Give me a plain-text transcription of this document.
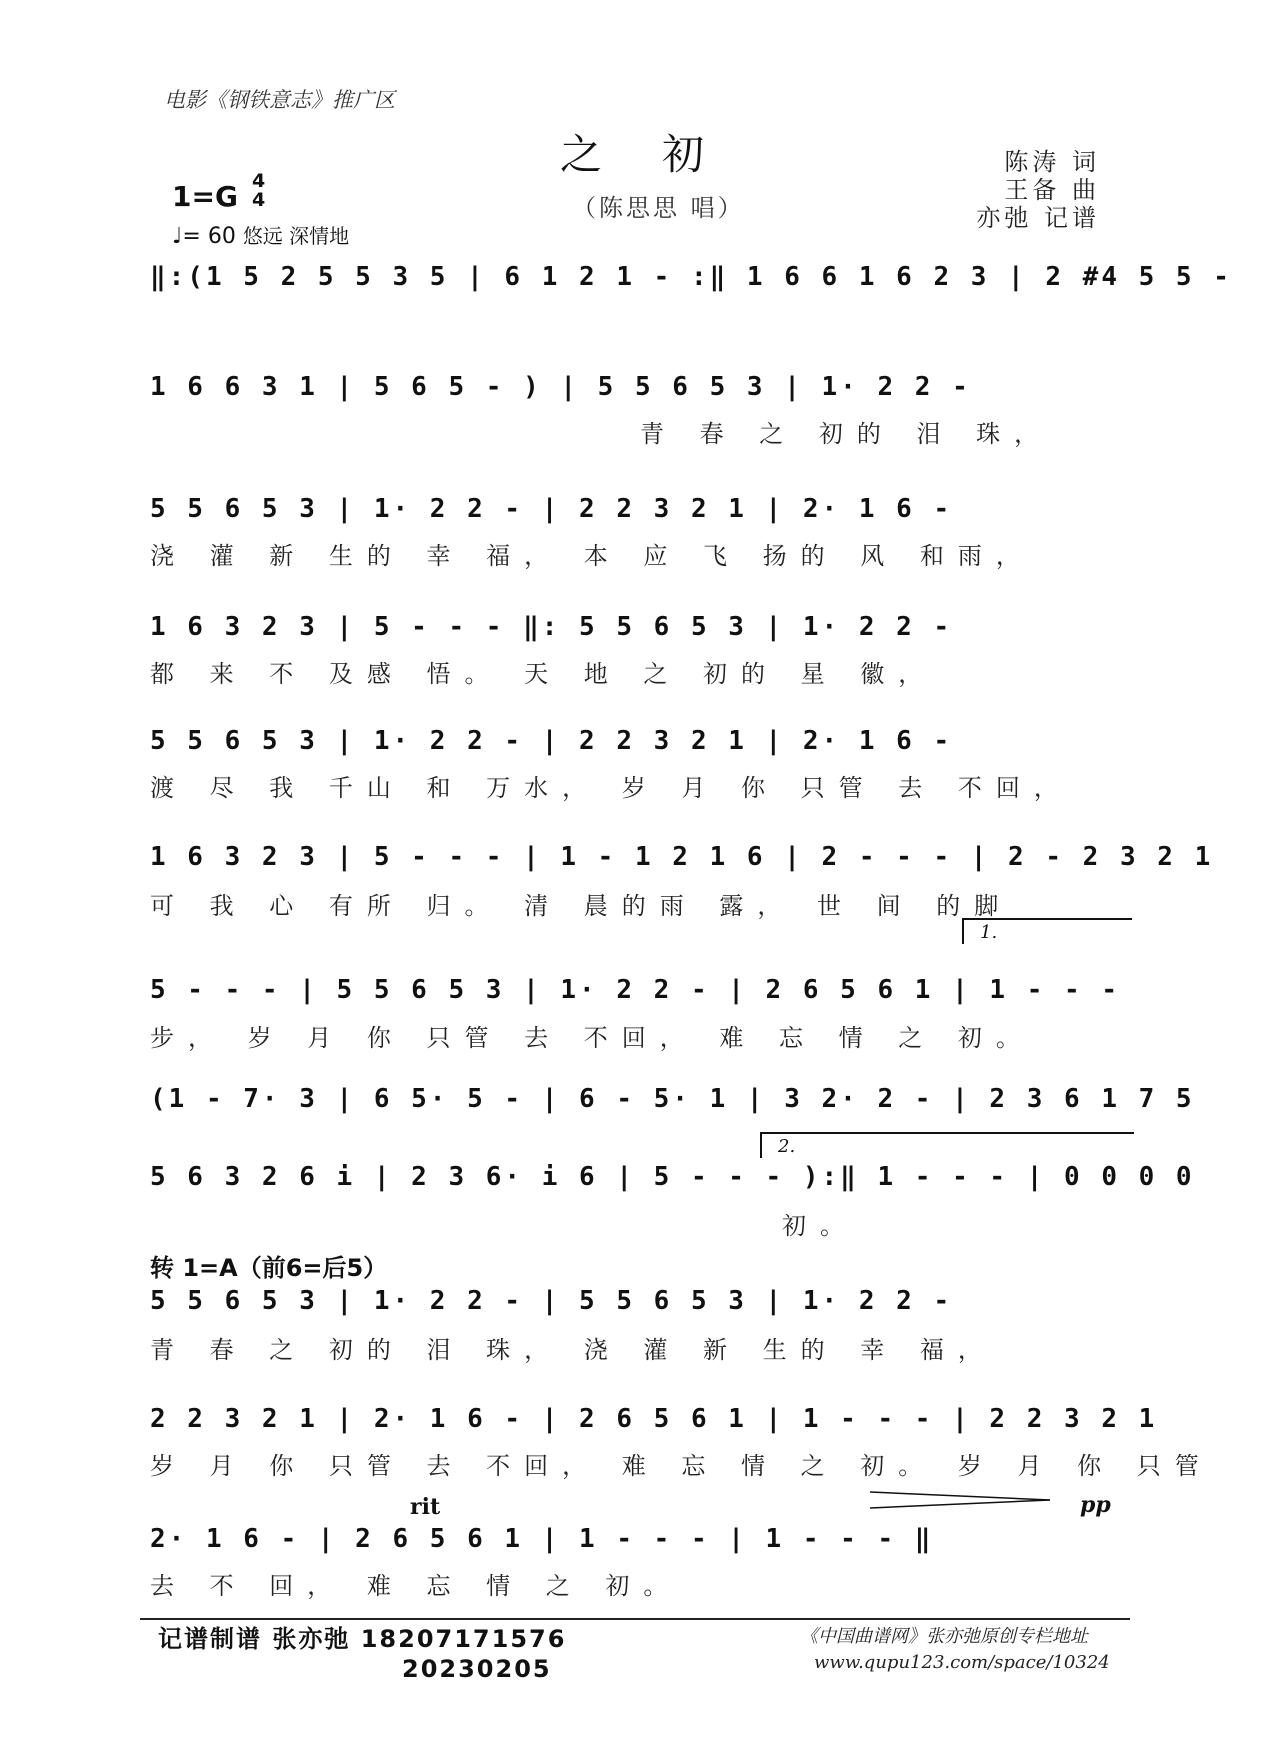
电影《钢铁意志》推广区
之初
（陈思思 唱）
陈涛 词
王备 曲
亦弛 记谱
1=G 4
4
♩= 60 悠远 深情地
‖:(1 5 2 5 5 3 5 | 6 1 2 1 - :‖ 1 6 6 1 6 2 3 | 2 #4 5 5 -
1 6 6 3 1 | 5 6 5 - ) | 5 5 6 5 3 | 1· 2 2 -
青 春 之 初的 泪 珠，
5 5 6 5 3 | 1· 2 2 - | 2 2 3 2 1 | 2· 1 6 -
浇 灌 新 生的 幸 福， 本 应 飞 扬的 风 和雨，
1 6 3 2 3 | 5 - - - ‖: 5 5 6 5 3 | 1· 2 2 -
都 来 不 及感 悟。 天 地 之 初的 星 徽，
5 5 6 5 3 | 1· 2 2 - | 2 2 3 2 1 | 2· 1 6 -
渡 尽 我 千山 和 万水， 岁 月 你 只管 去 不回，
1 6 3 2 3 | 5 - - - | 1 - 1 2 1 6 | 2 - - - | 2 - 2 3 2 1
可 我 心 有所 归。 清 晨的雨 露， 世 间 的脚
1.
5 - - - | 5 5 6 5 3 | 1· 2 2 - | 2 6 5 6 1 | 1 - - -
步， 岁 月 你 只管 去 不回， 难 忘 情 之 初。
(1 - 7· 3 | 6 5· 5 - | 6 - 5· 1 | 3 2· 2 - | 2 3 6 1 7 5
2.
5 6 3 2 6 i | 2 3 6· i 6 | 5 - - - ):‖ 1 - - - | 0 0 0 0
初。
转 1=A（前6=后5）
5 5 6 5 3 | 1· 2 2 - | 5 5 6 5 3 | 1· 2 2 -
青 春 之 初的 泪 珠， 浇 灌 新 生的 幸 福，
2 2 3 2 1 | 2· 1 6 - | 2 6 5 6 1 | 1 - - - | 2 2 3 2 1
岁 月 你 只管 去 不回， 难 忘 情 之 初。 岁 月 你 只管
rit	pp
2· 1 6 - | 2 6 5 6 1 | 1 - - - | 1 - - - ‖
去 不 回， 难 忘 情 之 初。
记谱制谱 张亦弛 18207171576
20230205
《中国曲谱网》张亦弛原创专栏地址
www.qupu123.com/space/10324
